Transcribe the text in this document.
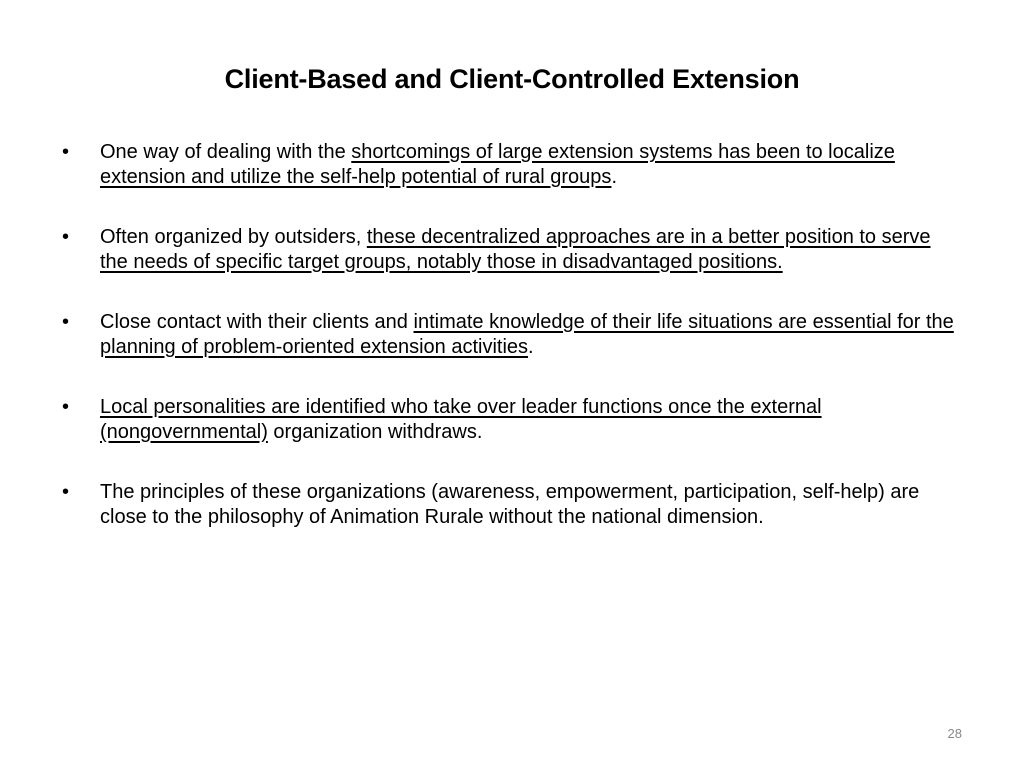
Client-Based and Client-Controlled Extension
•	One way of dealing with the shortcomings of large extension systems has been to localize extension and utilize the self-help potential of rural groups.
•	Often organized by outsiders, these decentralized approaches are in a better position to serve the needs of specific target groups, notably those in disadvantaged positions.
•	Close contact with their clients and intimate knowledge of their life situations are essential for the planning of problem-oriented extension activities.
•	Local personalities are identified who take over leader functions once the external (nongovernmental) organization withdraws.
•	The principles of these organizations (awareness, empowerment, participation, self-help) are close to the philosophy of Animation Rurale without the national dimension.
28
